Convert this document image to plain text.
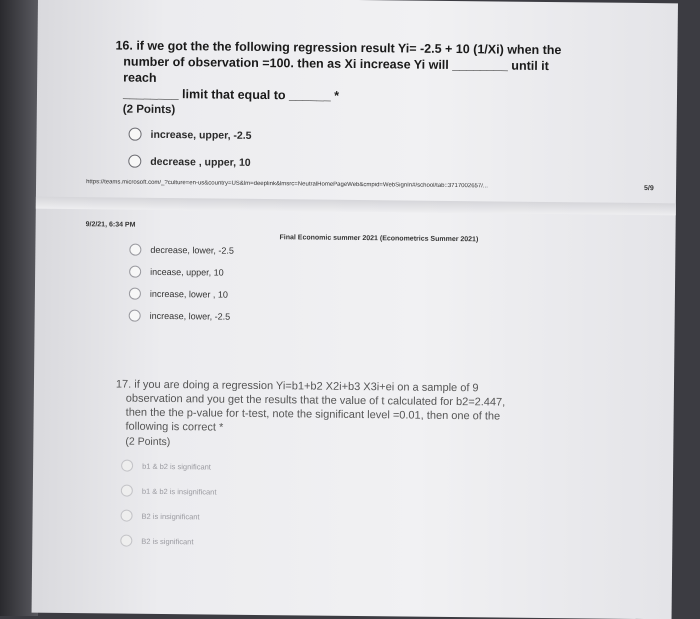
16. if we got the the following regression result Yi= -2.5 + 10 (1/Xi) when the
number of observation =100. then as Xi increase Yi will ________ until it reach
________ limit that equal to ______ *
(2 Points)
increase, upper, -2.5
decrease , upper, 10
https://teams.microsoft.com/_?culture=en-us&country=US&lm=deeplink&lmsrc=NeutralHomePageWeb&cmpid=WebSignIn#/school/tab::3717002657/...	5/9
9/2/21, 6:34 PM
Final Economic summer 2021 (Econometrics Summer 2021)
decrease, lower, -2.5
incease, upper, 10
increase, lower , 10
increase, lower, -2.5
17. if you are doing a regression Yi=b1+b2 X2i+b3 X3i+ei on a sample of 9
observation and you get the results that the value of t calculated for b2=2.447,
then the the p-value for t-test, note the significant level =0.01, then one of the
following is correct *
(2 Points)
b1 & b2 is significant
b1 & b2 is insignificant
B2 is insignificant
B2 is significant
